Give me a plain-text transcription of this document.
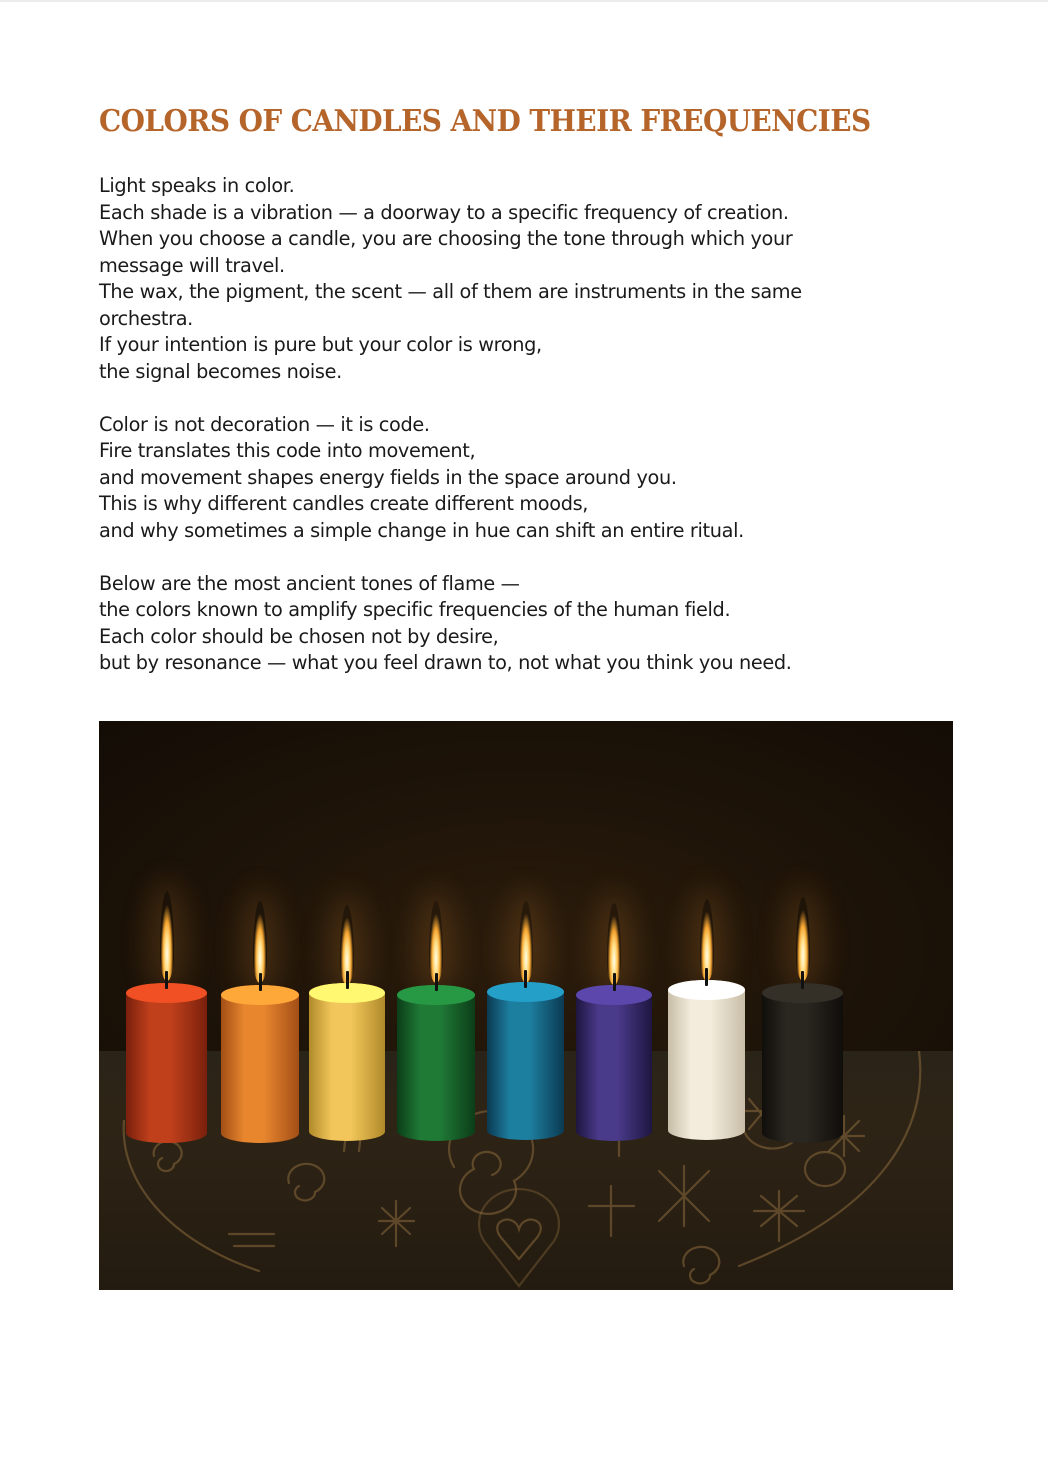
COLORS OF CANDLES AND THEIR FREQUENCIES

Light speaks in color.
Each shade is a vibration — a doorway to a specific frequency of creation.
When you choose a candle, you are choosing the tone through which your
message will travel.
The wax, the pigment, the scent — all of them are instruments in the same
orchestra.
If your intention is pure but your color is wrong,
the signal becomes noise.

Color is not decoration — it is code.
Fire translates this code into movement,
and movement shapes energy fields in the space around you.
This is why different candles create different moods,
and why sometimes a simple change in hue can shift an entire ritual.

Below are the most ancient tones of flame —
the colors known to amplify specific frequencies of the human field.
Each color should be chosen not by desire,
but by resonance — what you feel drawn to, not what you think you need.
